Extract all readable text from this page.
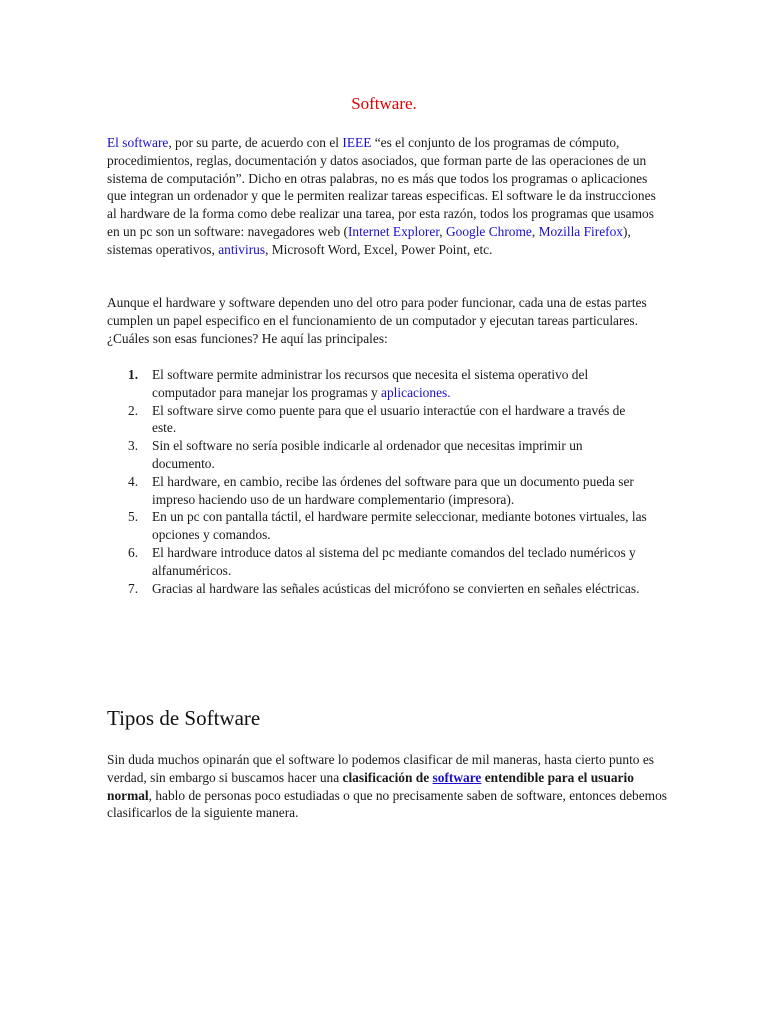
Software.

El software, por su parte, de acuerdo con el IEEE “es el conjunto de los programas de cómputo, procedimientos, reglas, documentación y datos asociados, que forman parte de las operaciones de un sistema de computación”. Dicho en otras palabras, no es más que todos los programas o aplicaciones que integran un ordenador y que le permiten realizar tareas especificas. El software le da instrucciones al hardware de la forma como debe realizar una tarea, por esta razón, todos los programas que usamos en un pc son un software: navegadores web (Internet Explorer, Google Chrome, Mozilla Firefox), sistemas operativos, antivirus, Microsoft Word, Excel, Power Point, etc.

Aunque el hardware y software dependen uno del otro para poder funcionar, cada una de estas partes cumplen un papel especifico en el funcionamiento de un computador y ejecutan tareas particulares. ¿Cuáles son esas funciones? He aquí las principales:

1. El software permite administrar los recursos que necesita el sistema operativo del computador para manejar los programas y aplicaciones.
2. El software sirve como puente para que el usuario interactúe con el hardware a través de este.
3. Sin el software no sería posible indicarle al ordenador que necesitas imprimir un documento.
4. El hardware, en cambio, recibe las órdenes del software para que un documento pueda ser impreso haciendo uso de un hardware complementario (impresora).
5. En un pc con pantalla táctil, el hardware permite seleccionar, mediante botones virtuales, las opciones y comandos.
6. El hardware introduce datos al sistema del pc mediante comandos del teclado numéricos y alfanuméricos.
7. Gracias al hardware las señales acústicas del micrófono se convierten en señales eléctricas.
Tipos de Software

Sin duda muchos opinarán que el software lo podemos clasificar de mil maneras, hasta cierto punto es verdad, sin embargo si buscamos hacer una clasificación de software entendible para el usuario normal, hablo de personas poco estudiadas o que no precisamente saben de software, entonces debemos clasificarlos de la siguiente manera.
